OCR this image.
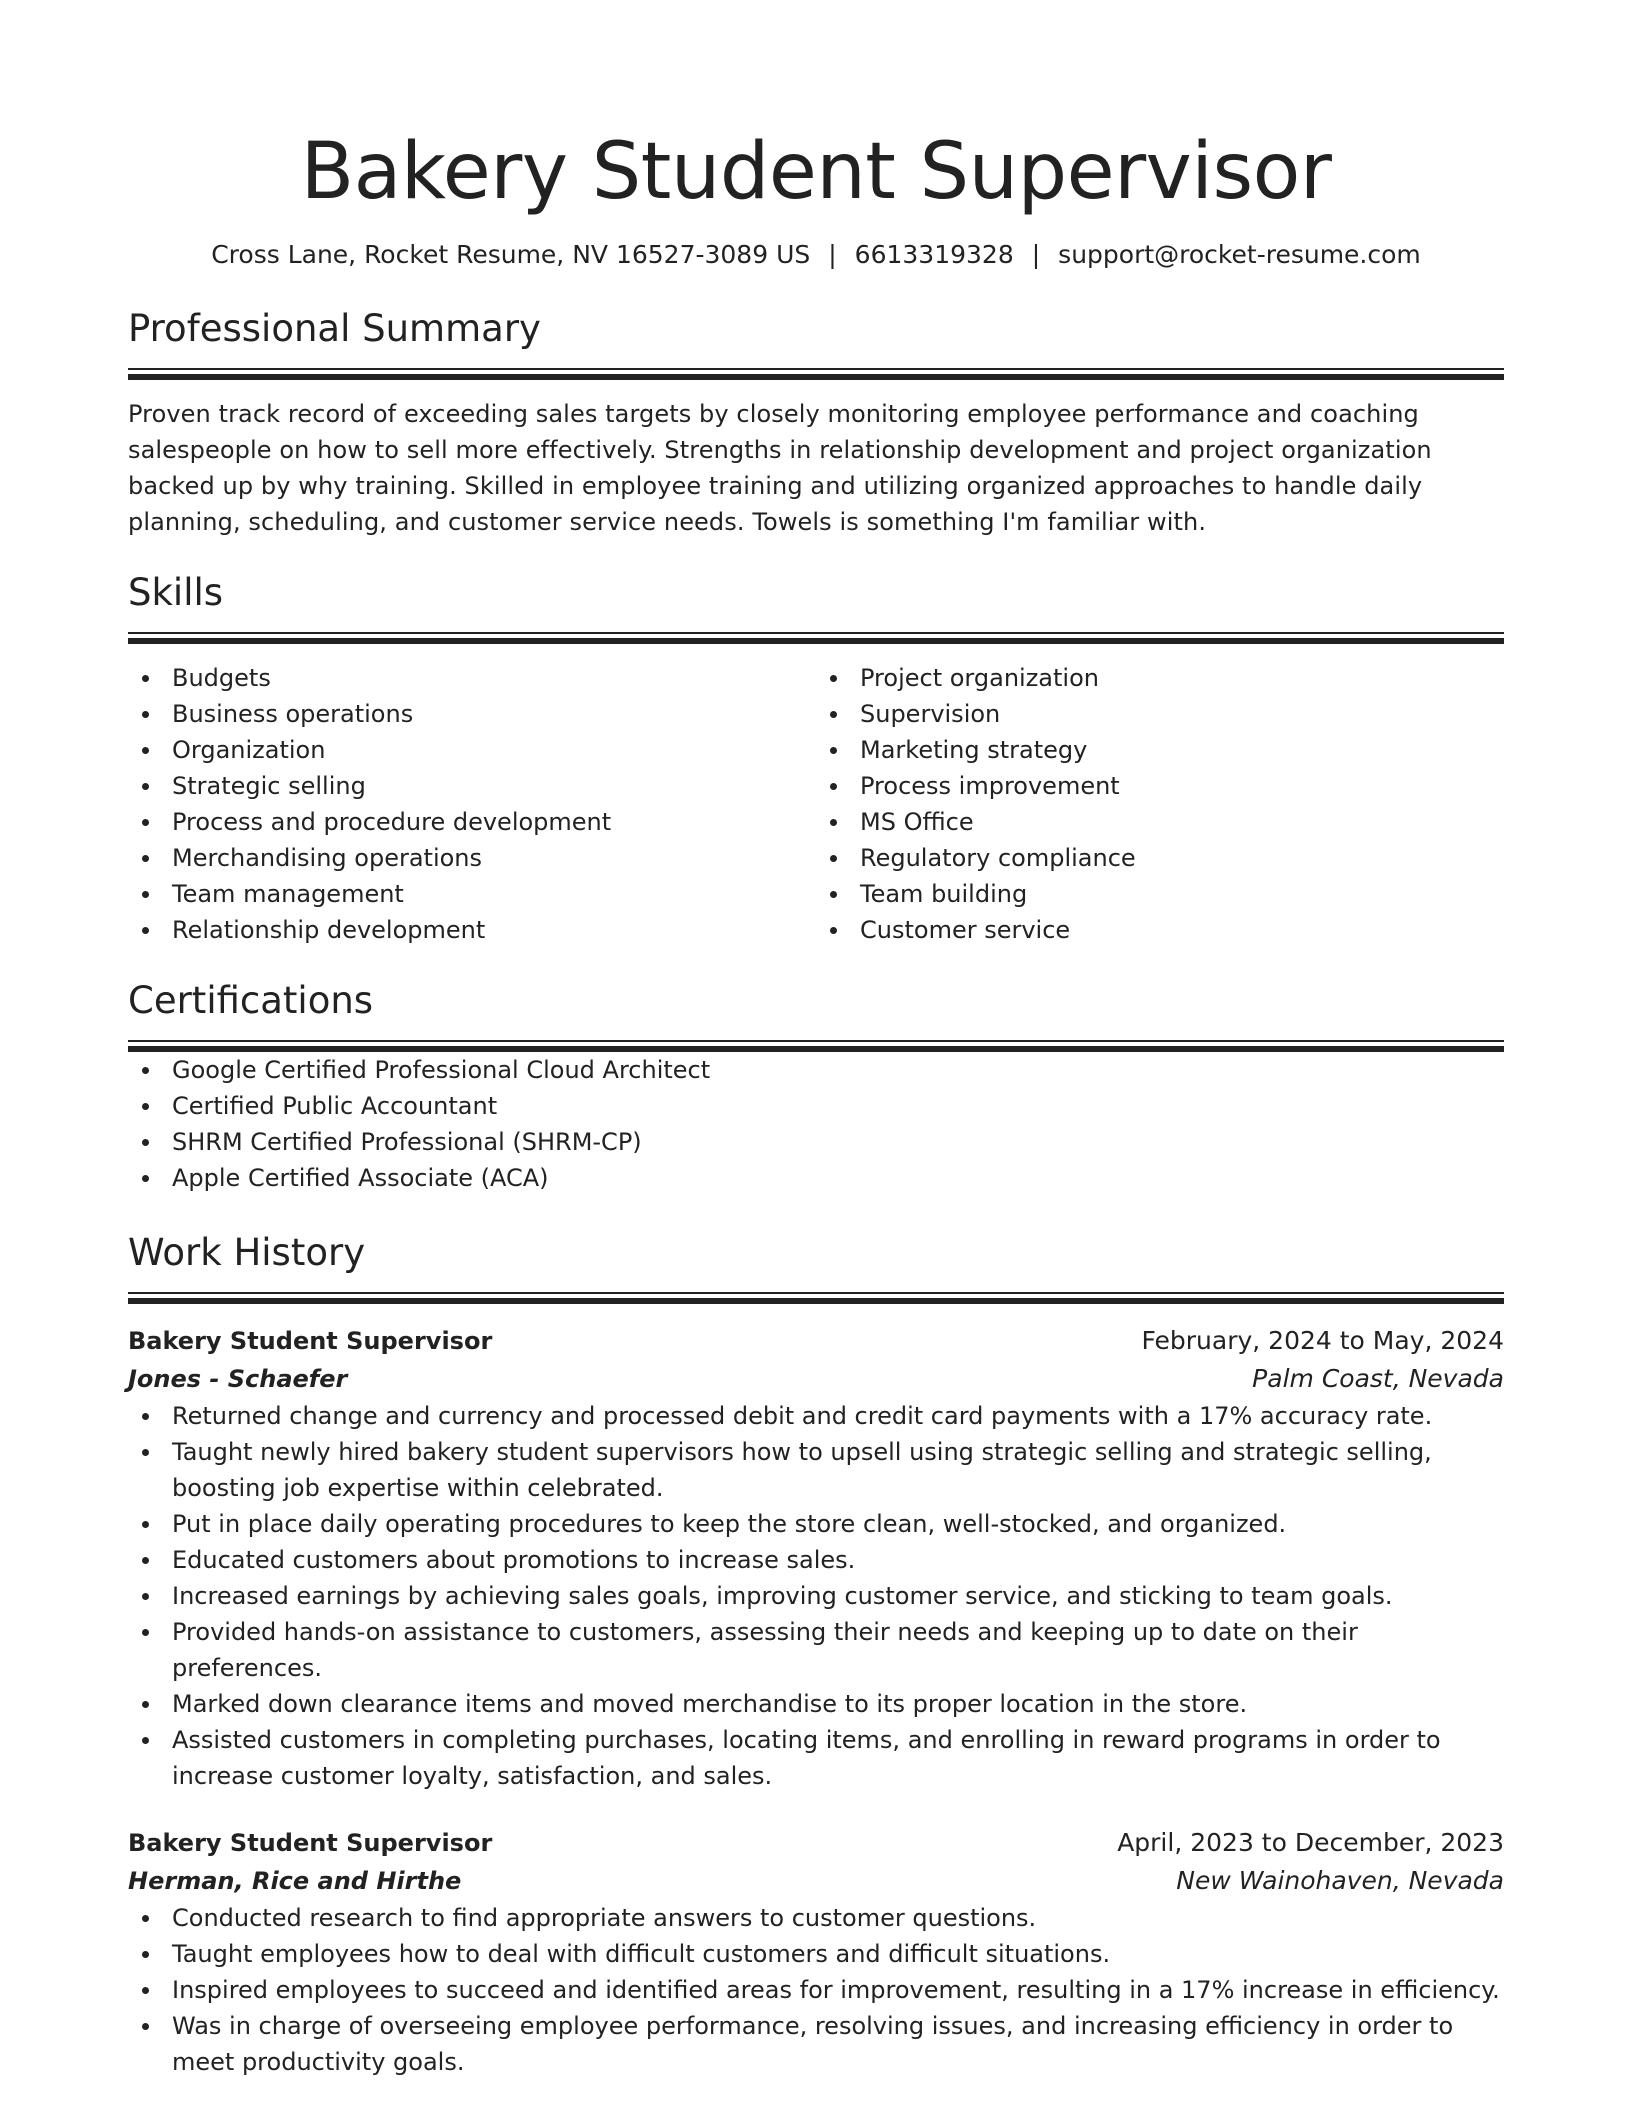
Bakery Student Supervisor
Cross Lane, Rocket Resume, NV 16527-3089 US | 6613319328 | support@rocket-resume.com
Professional Summary

Proven track record of exceeding sales targets by closely monitoring employee performance and coaching salespeople on how to sell more effectively. Strengths in relationship development and project organization backed up by why training. Skilled in employee training and utilizing organized approaches to handle daily planning, scheduling, and customer service needs. Towels is something I'm familiar with.

Skills
Budgets
Business operations
Organization
Strategic selling
Process and procedure development
Merchandising operations
Team management
Relationship development
Project organization
Supervision
Marketing strategy
Process improvement
MS Office
Regulatory compliance
Team building
Customer service
Certifications
Google Certified Professional Cloud Architect
Certified Public Accountant
SHRM Certified Professional (SHRM-CP)
Apple Certified Associate (ACA)
Work History
Bakery Student Supervisor	February, 2024 to May, 2024
Jones - Schaefer	Palm Coast, Nevada
Returned change and currency and processed debit and credit card payments with a 17% accuracy rate.
Taught newly hired bakery student supervisors how to upsell using strategic selling and strategic selling, boosting job expertise within celebrated.
Put in place daily operating procedures to keep the store clean, well-stocked, and organized.
Educated customers about promotions to increase sales.
Increased earnings by achieving sales goals, improving customer service, and sticking to team goals.
Provided hands-on assistance to customers, assessing their needs and keeping up to date on their preferences.
Marked down clearance items and moved merchandise to its proper location in the store.
Assisted customers in completing purchases, locating items, and enrolling in reward programs in order to increase customer loyalty, satisfaction, and sales.
Bakery Student Supervisor	April, 2023 to December, 2023
Herman, Rice and Hirthe	New Wainohaven, Nevada
Conducted research to find appropriate answers to customer questions.
Taught employees how to deal with difficult customers and difficult situations.
Inspired employees to succeed and identified areas for improvement, resulting in a 17% increase in efficiency.
Was in charge of overseeing employee performance, resolving issues, and increasing efficiency in order to meet productivity goals.
